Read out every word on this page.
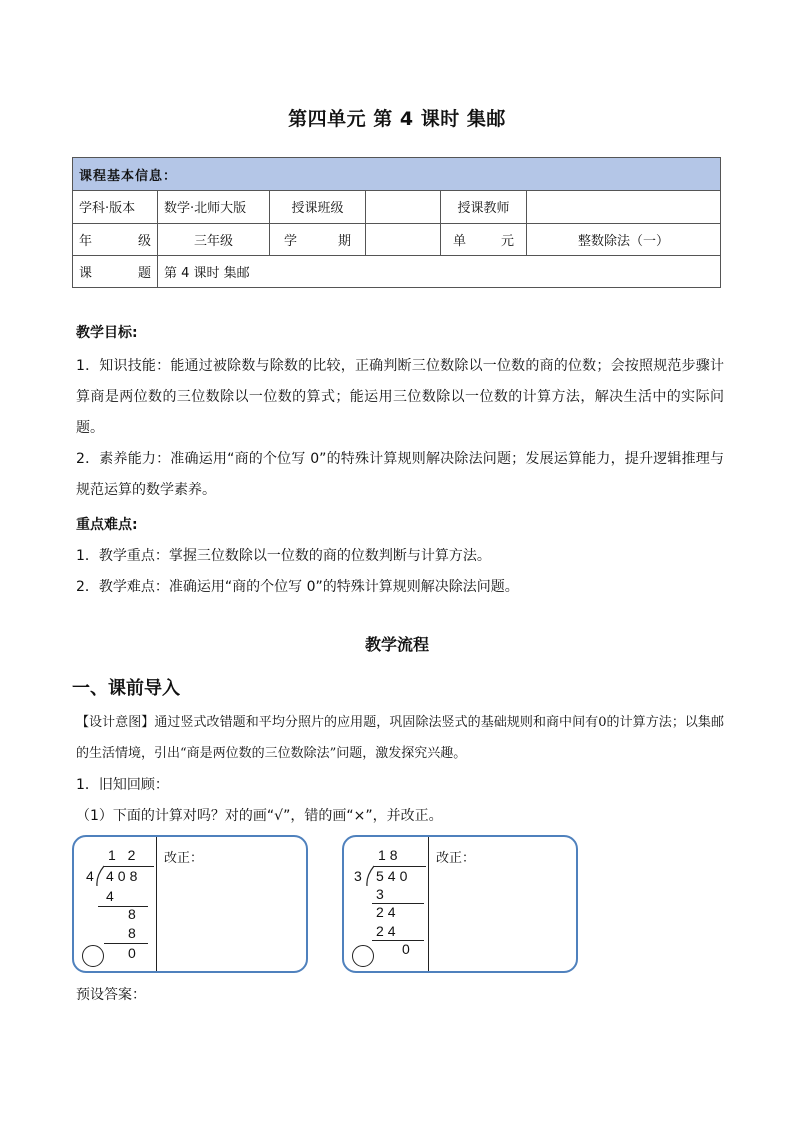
第四单元 第 4 课时 集邮
课程基本信息：					
学科·版本	数学·北师大版	授课班级		授课教师	

年 级	三年级	学 期		单 元	整数除法（一）

课 题	第 4 课时 集邮				
教学目标:
1．知识技能：能通过被除数与除数的比较，正确判断三位数除以一位数的商的位数；会按照规范步骤计算商是两位数的三位数除以一位数的算式；能运用三位数除以一位数的计算方法，解决生活中的实际问题。
2．素养能力：准确运用“商的个位写 0”的特殊计算规则解决除法问题；发展运算能力，提升逻辑推理与规范运算的数学素养。
重点难点:
1．教学重点：掌握三位数除以一位数的商的位数判断与计算方法。
2．教学难点：准确运用“商的个位写 0”的特殊计算规则解决除法问题。
教学流程
一、课前导入
【设计意图】通过竖式改错题和平均分照片的应用题，巩固除法竖式的基础规则和商中间有0的计算方法；以集邮的生活情境，引出“商是两位数的三位数除法”问题，激发探究兴趣。
1．旧知回顾：
（1）下面的计算对吗？对的画“√”，错的画“×”，并改正。
1 2
4 408
4
8
8
0
改正：	18
3 540
3
24
24
0
改正：
预设答案：
